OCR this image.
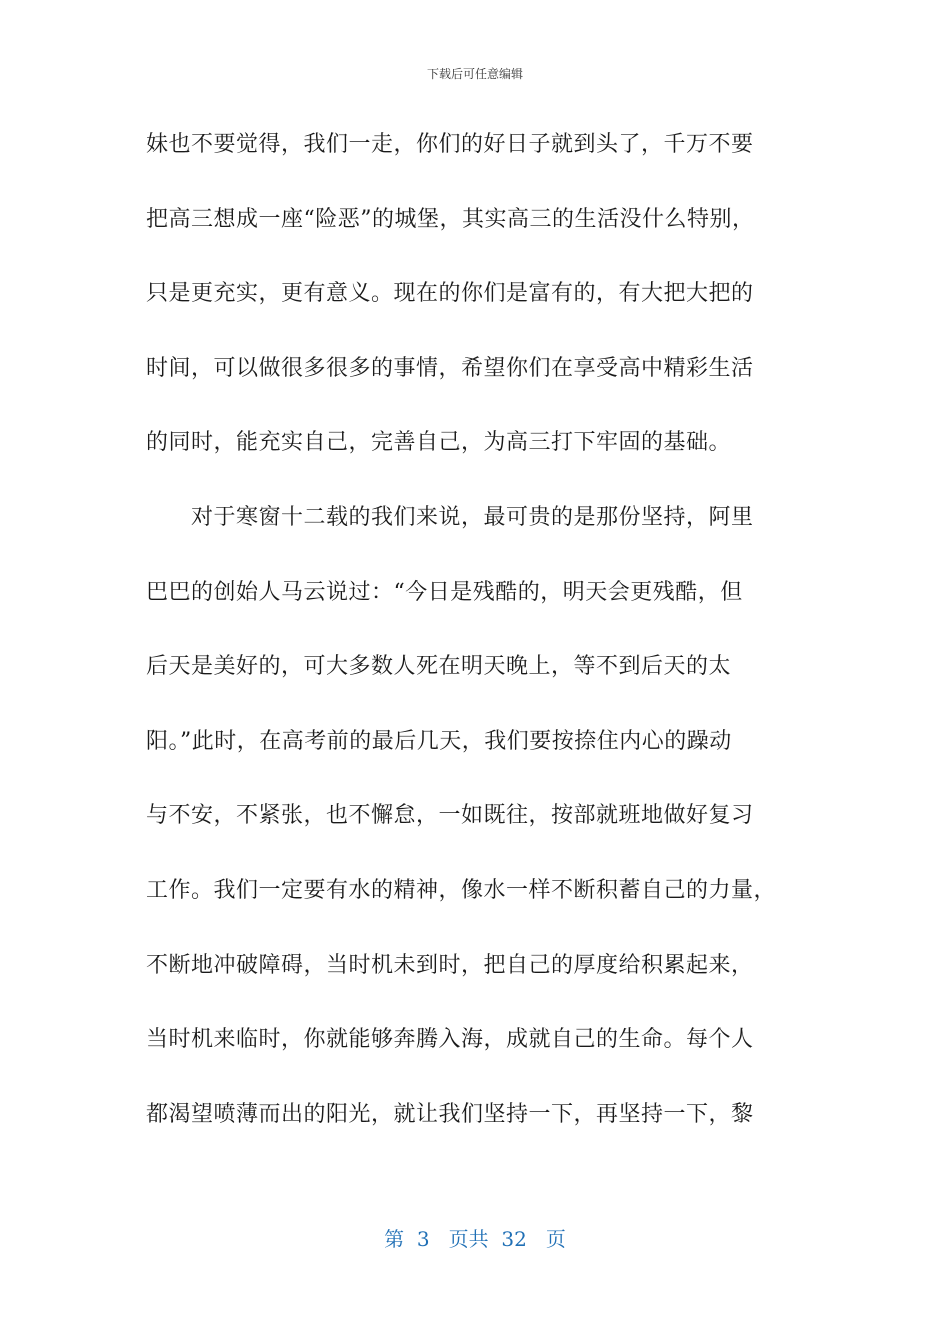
下载后可任意编辑
妹也不要觉得，我们一走，你们的好日子就到头了，千万不要
把高三想成一座“险恶”的城堡，其实高三的生活没什么特别，
只是更充实，更有意义。现在的你们是富有的，有大把大把的
时间，可以做很多很多的事情，希望你们在享受高中精彩生活
的同时，能充实自己，完善自己，为高三打下牢固的基础。
对于寒窗十二载的我们来说，最可贵的是那份坚持，阿里
巴巴的创始人马云说过：“今日是残酷的，明天会更残酷，但
后天是美好的，可大多数人死在明天晚上，等不到后天的太
阳。”此时，在高考前的最后几天，我们要按捺住内心的躁动
与不安，不紧张，也不懈怠，一如既往，按部就班地做好复习
工作。我们一定要有水的精神，像水一样不断积蓄自己的力量，
不断地冲破障碍，当时机未到时，把自己的厚度给积累起来，
当时机来临时，你就能够奔腾入海，成就自己的生命。每个人
都渴望喷薄而出的阳光，就让我们坚持一下，再坚持一下，黎
第 3 页共 32 页
